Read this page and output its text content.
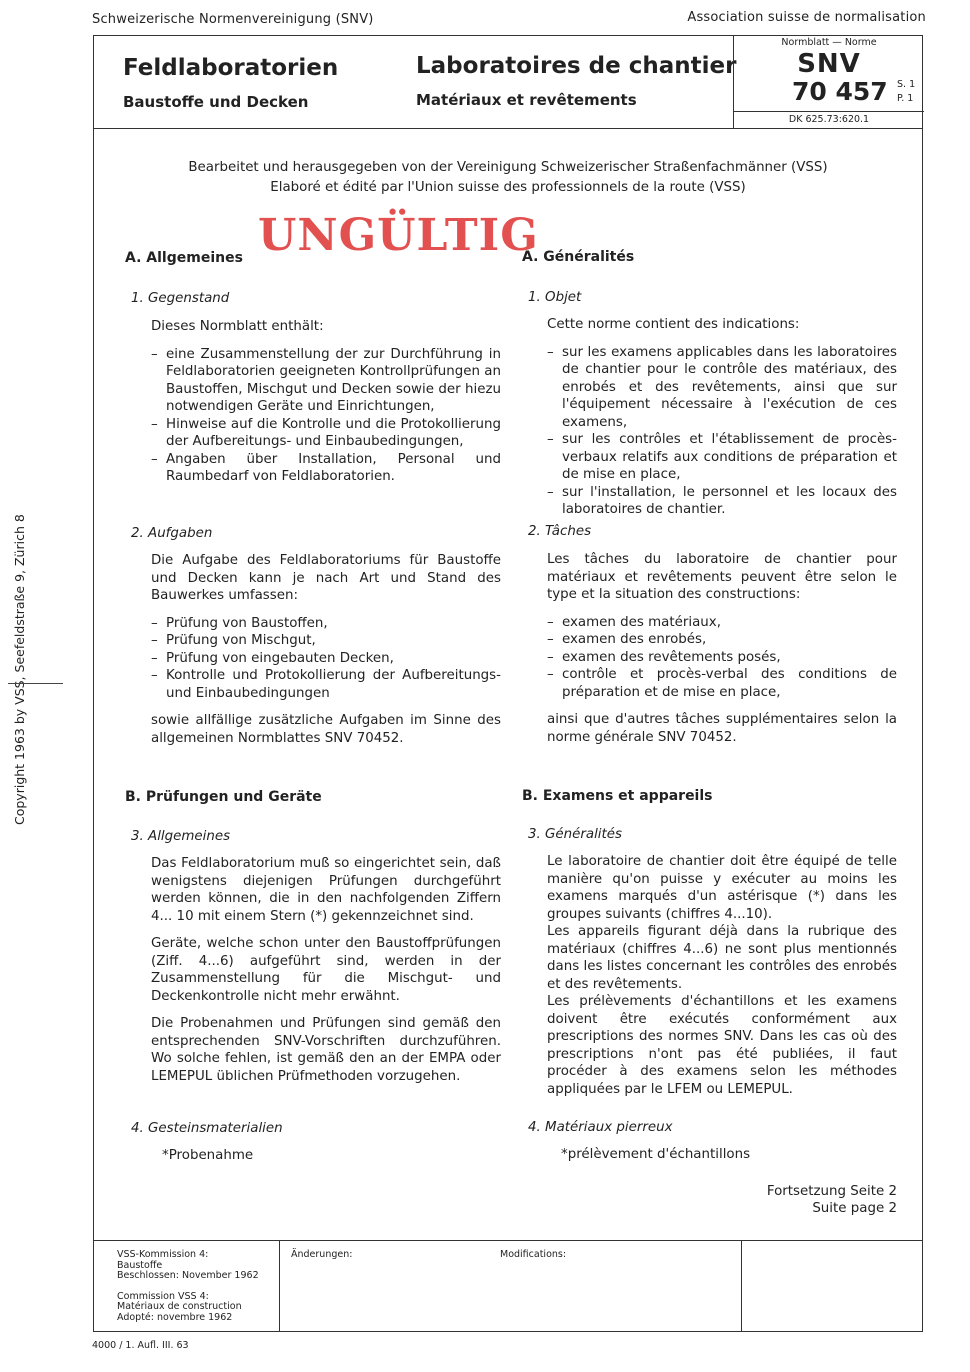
Schweizerische Normenvereinigung (SNV)	Association suisse de normalisation
Copyright 1963 by VSS, Seefeldstraße 9, Zürich 8
Feldlaboratorien
Baustoffe und Decken
Laboratoires de chantier
Matériaux et revêtements
Normblatt — Norme
SNV
70 457 S. 1
P. 1
DK 625.73:620.1
Bearbeitet und herausgegeben von der Vereinigung Schweizerischer Straßenfachmänner (VSS)
Elaboré et édité par l'Union suisse des professionnels de la route (VSS)
UNGÜLTIG
A. Allgemeines
1. Gegenstand
Dieses Normblatt enthält:
– eine Zusammenstellung der zur Durchführung in Feldlaboratorien geeigneten Kontrollprüfungen an Baustoffen, Mischgut und Decken sowie der hiezu notwendigen Geräte und Einrichtungen,
– Hinweise auf die Kontrolle und die Protokollierung der Aufbereitungs- und Einbaubedingungen,
– Angaben über Installation, Personal und Raumbedarf von Feldlaboratorien.
2. Aufgaben
Die Aufgabe des Feldlaboratoriums für Baustoffe und Decken kann je nach Art und Stand des Bauwerkes umfassen:
– Prüfung von Baustoffen,
– Prüfung von Mischgut,
– Prüfung von eingebauten Decken,
– Kontrolle und Protokollierung der Aufbereitungs- und Einbaubedingungen
sowie allfällige zusätzliche Aufgaben im Sinne des allgemeinen Normblattes SNV 70452.
B. Prüfungen und Geräte
3. Allgemeines
Das Feldlaboratorium muß so eingerichtet sein, daß wenigstens diejenigen Prüfungen durchgeführt werden können, die in den nachfolgenden Ziffern 4... 10 mit einem Stern (*) gekennzeichnet sind.
Geräte, welche schon unter den Baustoffprüfungen (Ziff. 4...6) aufgeführt sind, werden in der Zusammenstellung für die Mischgut- und Deckenkontrolle nicht mehr erwähnt.
Die Probenahmen und Prüfungen sind gemäß den entsprechenden SNV-Vorschriften durchzuführen. Wo solche fehlen, ist gemäß den an der EMPA oder LEMEPUL üblichen Prüfmethoden vorzugehen.
4. Gesteinsmaterialien
*Probenahme
A. Généralités
1. Objet
Cette norme contient des indications:
– sur les examens applicables dans les laboratoires de chantier pour le contrôle des matériaux, des enrobés et des revêtements, ainsi que sur l'équipement nécessaire à l'exécution de ces examens,
– sur les contrôles et l'établissement de procès-verbaux relatifs aux conditions de préparation et de mise en place,
– sur l'installation, le personnel et les locaux des laboratoires de chantier.
2. Tâches
Les tâches du laboratoire de chantier pour matériaux et revêtements peuvent être selon le type et la situation des constructions:
– examen des matériaux,
– examen des enrobés,
– examen des revêtements posés,
– contrôle et procès-verbal des conditions de préparation et de mise en place,
ainsi que d'autres tâches supplémentaires selon la norme générale SNV 70452.
B. Examens et appareils
3. Généralités
Le laboratoire de chantier doit être équipé de telle manière qu'on puisse y exécuter au moins les examens marqués d'un astérisque (*) dans les groupes suivants (chiffres 4...10).
Les appareils figurant déjà dans la rubrique des matériaux (chiffres 4...6) ne sont plus mentionnés dans les listes concernant les contrôles des enrobés et des revêtements.
Les prélèvements d'échantillons et les examens doivent être exécutés conformément aux prescriptions des normes SNV. Dans les cas où des prescriptions n'ont pas été publiées, il faut procéder à des examens selon les méthodes appliquées par le LFEM ou LEMEPUL.
4. Matériaux pierreux
*prélèvement d'échantillons
Fortsetzung Seite 2
Suite page 2
VSS-Kommission 4:
Baustoffe
Beschlossen: November 1962
Commission VSS 4:
Matériaux de construction
Adopté: novembre 1962
Änderungen:	Modifications:
4000 / 1. Aufl. III. 63
